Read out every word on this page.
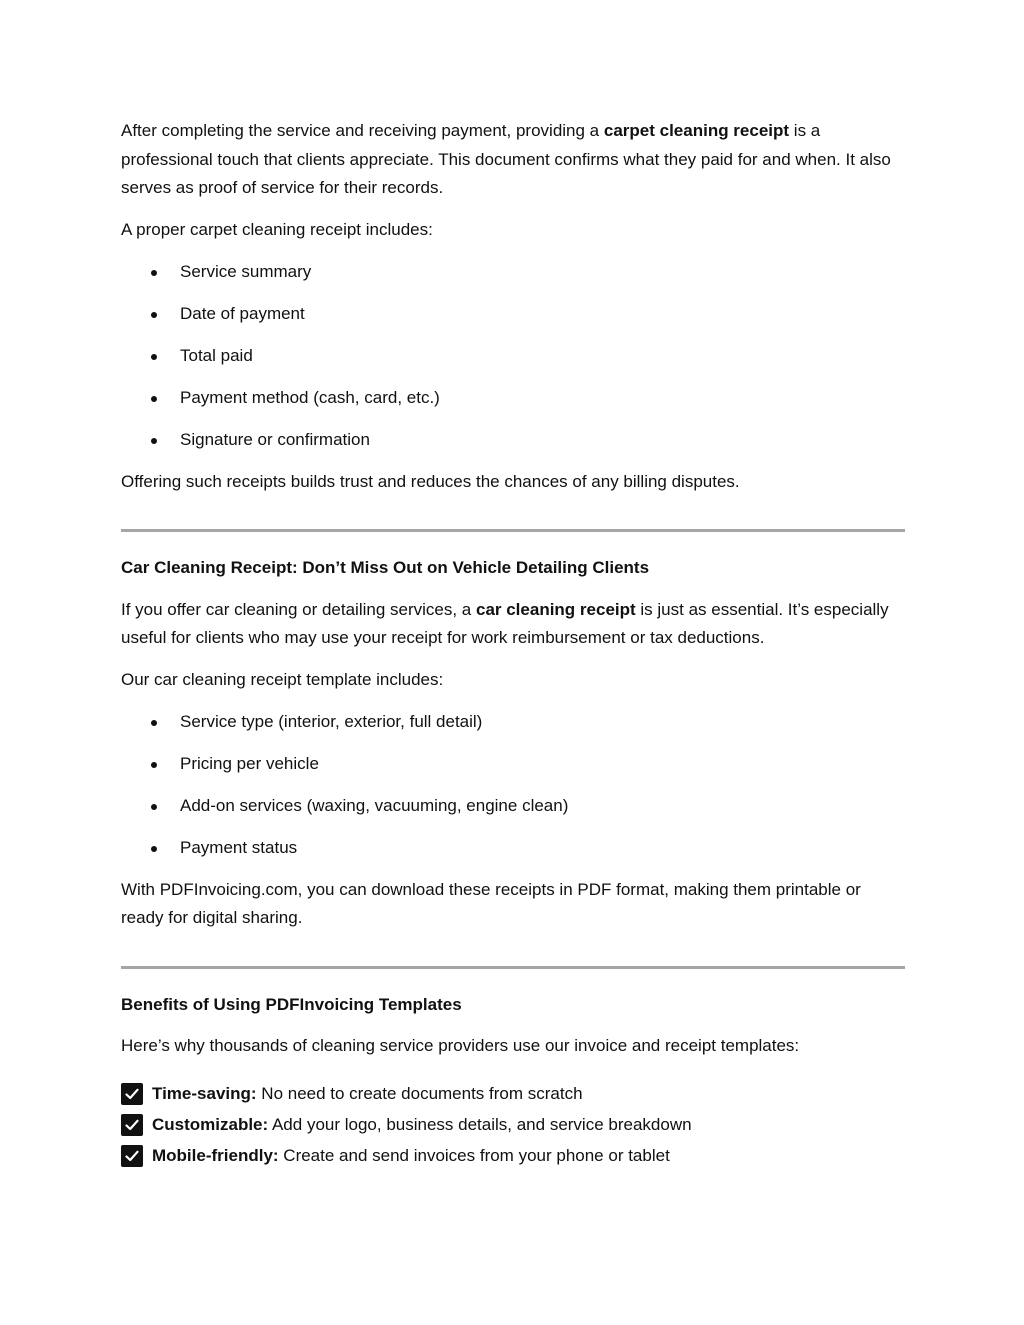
After completing the service and receiving payment, providing a carpet cleaning receipt is a professional touch that clients appreciate. This document confirms what they paid for and when. It also serves as proof of service for their records.

A proper carpet cleaning receipt includes:

Service summary
Date of payment
Total paid
Payment method (cash, card, etc.)
Signature or confirmation

Offering such receipts builds trust and reduces the chances of any billing disputes.

Car Cleaning Receipt: Don’t Miss Out on Vehicle Detailing Clients

If you offer car cleaning or detailing services, a car cleaning receipt is just as essential. It’s especially useful for clients who may use your receipt for work reimbursement or tax deductions.

Our car cleaning receipt template includes:

Service type (interior, exterior, full detail)
Pricing per vehicle
Add-on services (waxing, vacuuming, engine clean)
Payment status

With PDFInvoicing.com, you can download these receipts in PDF format, making them printable or ready for digital sharing.

Benefits of Using PDFInvoicing Templates

Here’s why thousands of cleaning service providers use our invoice and receipt templates:

Time-saving: No need to create documents from scratch
Customizable: Add your logo, business details, and service breakdown
Mobile-friendly: Create and send invoices from your phone or tablet
